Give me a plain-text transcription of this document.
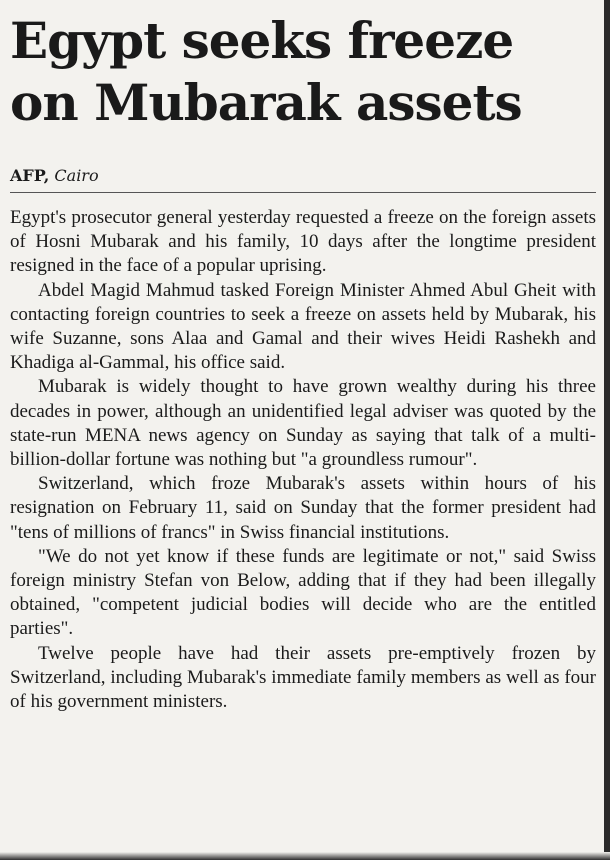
Egypt seeks freeze
on Mubarak assets
AFP, Cairo

Egypt's prosecutor general yesterday requested a freeze on the foreign assets of Hosni Mubarak and his family, 10 days after the longtime president resigned in the face of a popular uprising.

Abdel Magid Mahmud tasked Foreign Minister Ahmed Abul Gheit with contacting foreign countries to seek a freeze on assets held by Mubarak, his wife Suzanne, sons Alaa and Gamal and their wives Heidi Rashekh and Khadiga al-Gammal, his office said.

Mubarak is widely thought to have grown wealthy during his three decades in power, although an unidentified legal adviser was quoted by the state-run MENA news agency on Sunday as saying that talk of a multi-billion-dollar fortune was nothing but "a groundless rumour".

Switzerland, which froze Mubarak's assets within hours of his resignation on February 11, said on Sunday that the former president had "tens of millions of francs" in Swiss financial institutions.

"We do not yet know if these funds are legitimate or not," said Swiss foreign ministry Stefan von Below, adding that if they had been illegally obtained, "competent judicial bodies will decide who are the entitled parties".

Twelve people have had their assets pre-emptively frozen by Switzerland, including Mubarak's immediate family members as well as four of his government ministers.
